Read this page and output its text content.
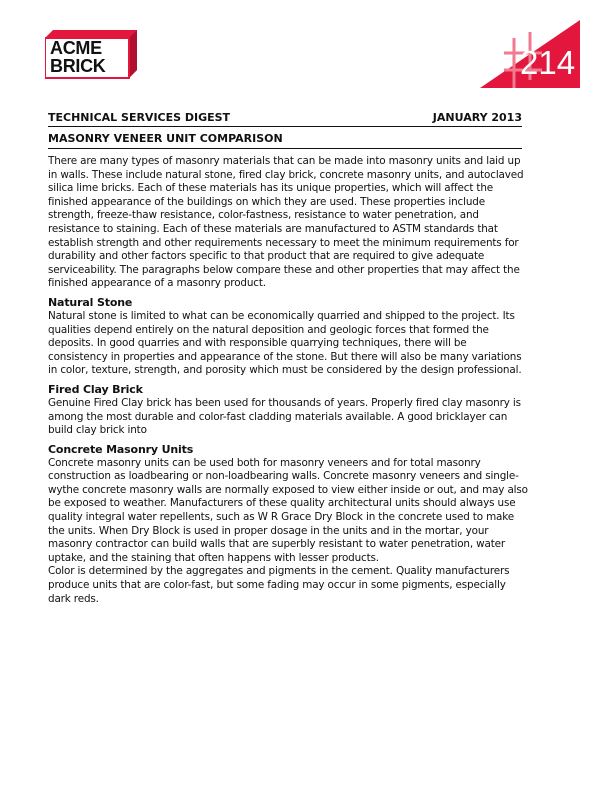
ACME
BRICK	214
TECHNICAL SERVICES DIGEST	JANUARY 2013
MASONRY VENEER UNIT COMPARISON

There are many types of masonry materials that can be made into masonry units and laid up in walls. These include natural stone, fired clay brick, concrete masonry units, and autoclaved silica lime bricks. Each of these materials has its unique properties, which will affect the finished appearance of the buildings on which they are used. These properties include strength, freeze-thaw resistance, color-fastness, resistance to water penetration, and resistance to staining. Each of these materials are manufactured to ASTM standards that establish strength and other requirements necessary to meet the minimum requirements for durability and other factors specific to that product that are required to give adequate serviceability. The paragraphs below compare these and other properties that may affect the finished appearance of a masonry product.

Natural Stone

Natural stone is limited to what can be economically quarried and shipped to the project. Its qualities depend entirely on the natural deposition and geologic forces that formed the deposits. In good quarries and with responsible quarrying techniques, there will be consistency in properties and appearance of the stone. But there will also be many variations in color, texture, strength, and porosity which must be considered by the design professional.

Fired Clay Brick

Genuine Fired Clay brick has been used for thousands of years. Properly fired clay masonry is among the most durable and color-fast cladding materials available. A good bricklayer can build clay brick into

Concrete Masonry Units

Concrete masonry units can be used both for masonry veneers and for total masonry construction as loadbearing or non-loadbearing walls. Concrete masonry veneers and single-wythe concrete masonry walls are normally exposed to view either inside or out, and may also be exposed to weather. Manufacturers of these quality architectural units should always use quality integral water repellents, such as W R Grace Dry Block in the concrete used to make the units. When Dry Block is used in proper dosage in the units and in the mortar, your masonry contractor can build walls that are superbly resistant to water penetration, water uptake, and the staining that often happens with lesser products.

Color is determined by the aggregates and pigments in the cement. Quality manufacturers produce units that are color-fast, but some fading may occur in some pigments, especially dark reds.
